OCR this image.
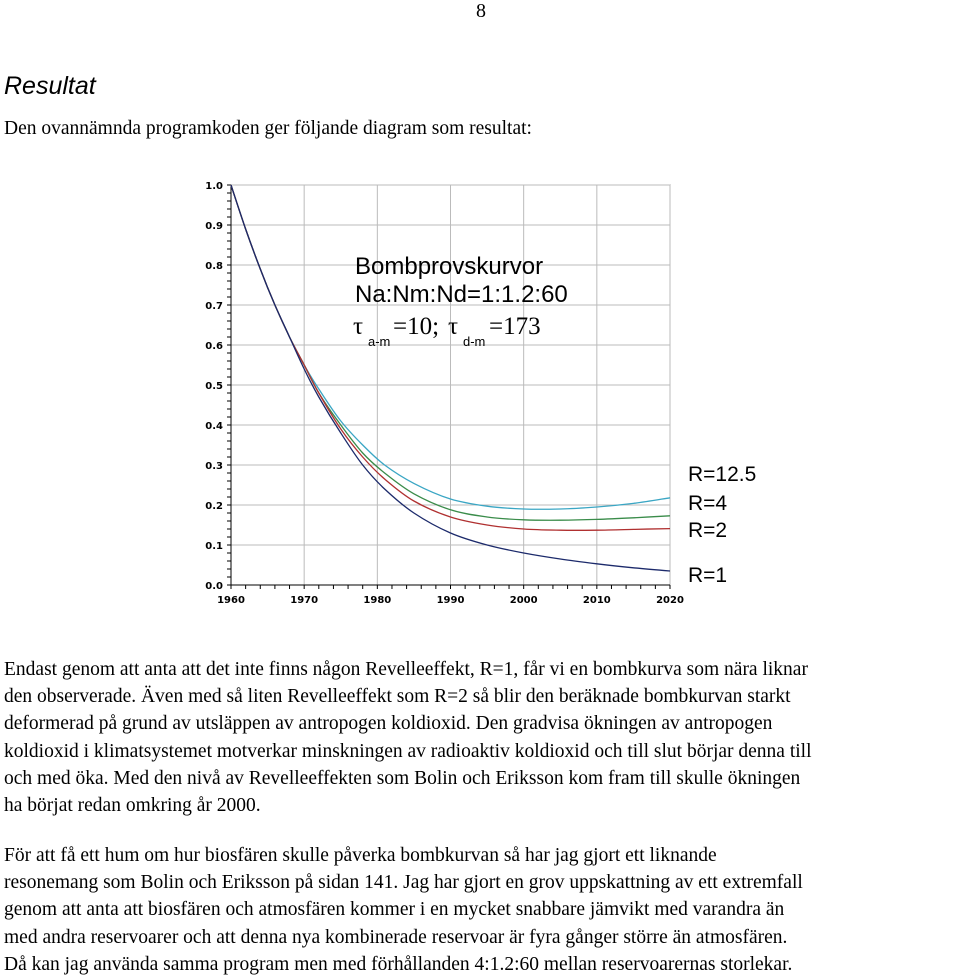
8
Resultat
Den ovannämnda programkoden ger följande diagram som resultat:
1960	1970	1980	1990	2000	2010	2020
0.0
0.1
0.2
0.3
0.4
0.5
0.6
0.7
0.8
0.9
1.0
Bombprovskurvor
Na:Nm:Nd=1:1.2:60
τ
a-m
=10; τ
d-m
=173
R=12.5
R=4
R=2
R=1
Endast genom att anta att det inte finns någon Revelleeffekt, R=1, får vi en bombkurva som nära liknar
den observerade. Även med så liten Revelleeffekt som R=2 så blir den beräknade bombkurvan starkt
deformerad på grund av utsläppen av antropogen koldioxid. Den gradvisa ökningen av antropogen
koldioxid i klimatsystemet motverkar minskningen av radioaktiv koldioxid och till slut börjar denna till
och med öka. Med den nivå av Revelleeffekten som Bolin och Eriksson kom fram till skulle ökningen
ha börjat redan omkring år 2000.
För att få ett hum om hur biosfären skulle påverka bombkurvan så har jag gjort ett liknande
resonemang som Bolin och Eriksson på sidan 141. Jag har gjort en grov uppskattning av ett extremfall
genom att anta att biosfären och atmosfären kommer i en mycket snabbare jämvikt med varandra än
med andra reservoarer och att denna nya kombinerade reservoar är fyra gånger större än atmosfären.
Då kan jag använda samma program men med förhållanden 4:1.2:60 mellan reservoarernas storlekar.
